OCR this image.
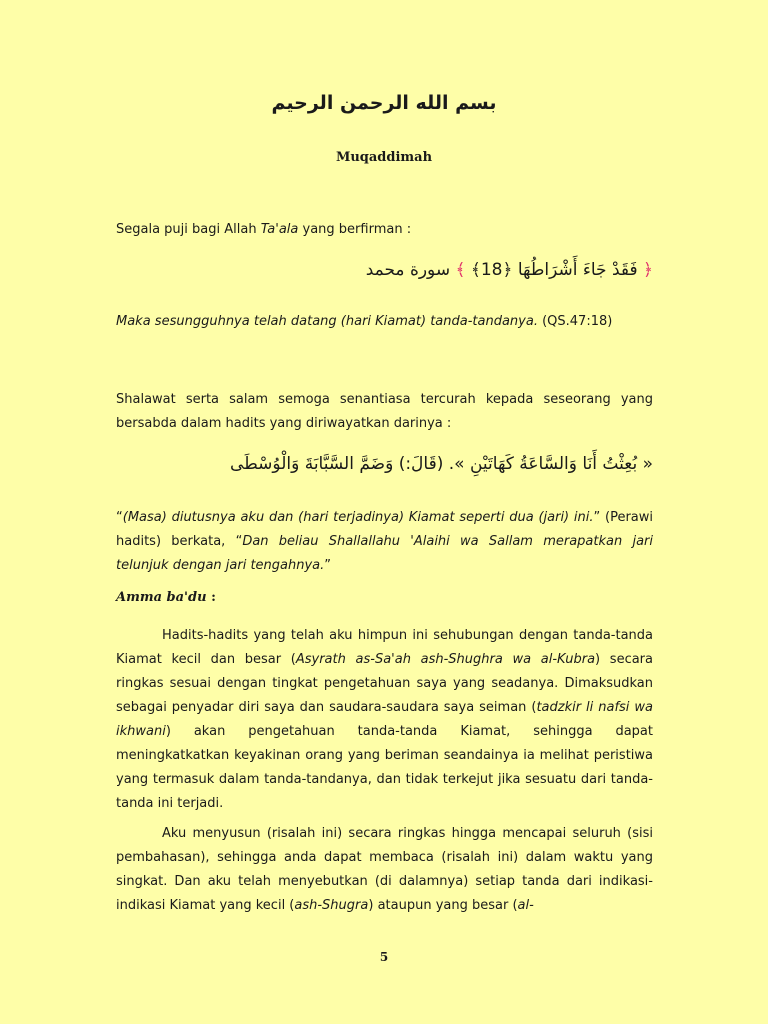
بسم الله الرحمن الرحيم
Muqaddimah
Segala puji bagi Allah Ta'ala yang berfirman :
﴿ فَقَدْ جَاءَ أَشْرَاطُهَا ﴿18﴾ ﴾ سورة محمد
Maka sesungguhnya telah datang (hari Kiamat) tanda-tandanya. (QS.47:18)
Shalawat serta salam semoga senantiasa tercurah kepada seseorang yang bersabda dalam hadits yang diriwayatkan darinya :
« بُعِثْتُ أَنَا وَالسَّاعَةُ كَهَاتَيْنِ ». (قَالَ:) وَضَمَّ السَّبَّابَةَ وَالْوُسْطَى
“(Masa) diutusnya aku dan (hari terjadinya) Kiamat seperti dua (jari) ini.” (Perawi hadits) berkata, “Dan beliau Shallallahu 'Alaihi wa Sallam merapatkan jari telunjuk dengan jari tengahnya.”
Amma ba'du :
Hadits-hadits yang telah aku himpun ini sehubungan dengan tanda-tanda Kiamat kecil dan besar (Asyrath as-Sa'ah ash-Shughra wa al-Kubra) secara ringkas sesuai dengan tingkat pengetahuan saya yang seadanya. Dimaksudkan sebagai penyadar diri saya dan saudara-saudara saya seiman (tadzkir li nafsi wa ikhwani) akan pengetahuan tanda-tanda Kiamat, sehingga dapat meningkatkatkan keyakinan orang yang beriman seandainya ia melihat peristiwa yang termasuk dalam tanda-tandanya, dan tidak terkejut jika sesuatu dari tanda-tanda ini terjadi.
Aku menyusun (risalah ini) secara ringkas hingga mencapai seluruh (sisi pembahasan), sehingga anda dapat membaca (risalah ini) dalam waktu yang singkat. Dan aku telah menyebutkan (di dalamnya) setiap tanda dari indikasi-indikasi Kiamat yang kecil (ash-Shugra) ataupun yang besar (al-
5
